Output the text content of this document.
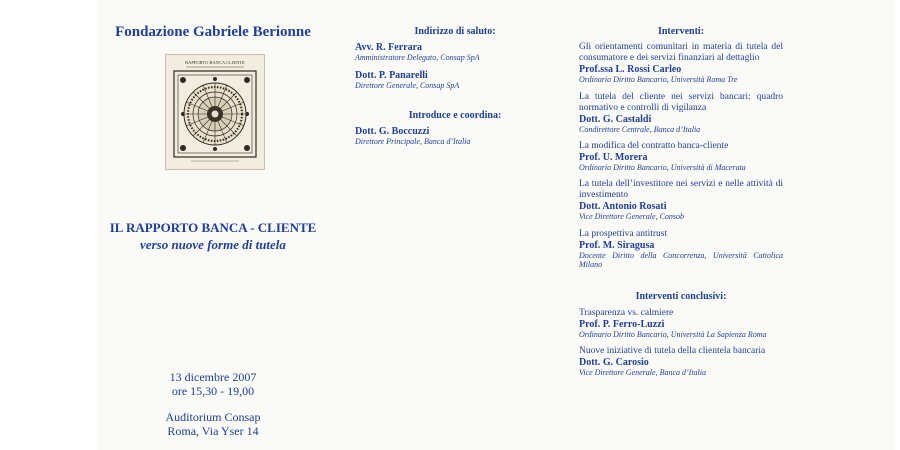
Fondazione Gabriele Berionne
RAPPORTO BANCA CLIENTE
IL RAPPORTO BANCA - CLIENTE
verso nuove forme di tutela
13 dicembre 2007
ore 15,30 - 19,00
Auditorium Consap
Roma, Via Yser 14
Indirizzo di saluto:
Avv. R. Ferrara
Amministratore Delegato, Consap SpA
Dott. P. Panarelli
Direttore Generale, Consap SpA
Introduce e coordina:
Dott. G. Boccuzzi
Direttore Principale, Banca d’Italia
Interventi:
Gli orientamenti comunitari in materia di tutela del consumatore e dei servizi finanziari al dettaglio
Prof.ssa L. Rossi Carleo
Ordinario Diritto Bancario, Università Roma Tre
La tutela del cliente nei servizi bancari: quadro normativo e controlli di vigilanza
Dott. G. Castaldi
Condirettore Centrale, Banca d’Italia
La modifica del contratto banca-cliente
Prof. U. Morera
Ordinario Diritto Bancario, Università di Macerata
La tutela dell’investitore nei servizi e nelle attività di investimento
Dott. Antonio Rosati
Vice Direttore Generale, Consob
La prospettiva antitrust
Prof. M. Siragusa
Docente Diritto della Concorrenza, Università Cattolica Milano
Interventi conclusivi:
Trasparenza vs. calmiere
Prof. P. Ferro-Luzzi
Ordinario Diritto Bancario, Università La Sapienza Roma
Nuove iniziative di tutela della clientela bancaria
Dott. G. Carosio
Vice Direttore Generale, Banca d’Italia
